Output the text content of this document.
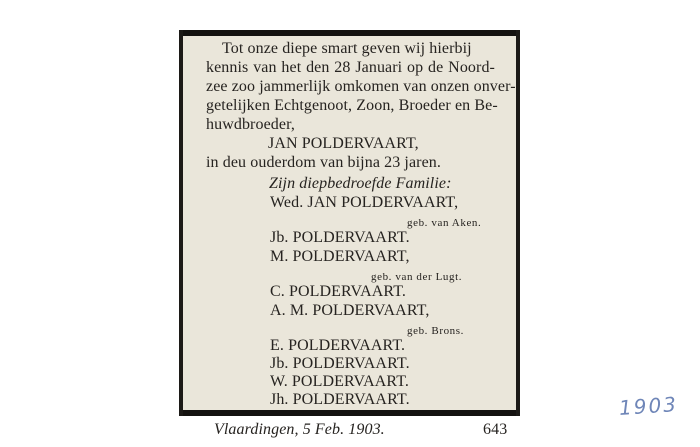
Tot onze diepe smart geven wij hierbij
kennis van het den 28 Januari op de Noord-
zee zoo jammerlijk omkomen van onzen onver-
getelijken Echtgenoot, Zoon, Broeder en Be-
huwdbroeder,
JAN POLDERVAART,
in deu ouderdom van bijna 23 jaren.
Zijn diepbedroefde Familie:
Wed. JAN POLDERVAART,
geb. van Aken.
Jb. POLDERVAART.
M. POLDERVAART,
geb. van der Lugt.
C. POLDERVAART.
A. M. POLDERVAART,
geb. Brons.
E. POLDERVAART.
Jb. POLDERVAART.
W. POLDERVAART.
Jh. POLDERVAART.
Vlaardingen, 5 Feb. 1903.	643
1903
